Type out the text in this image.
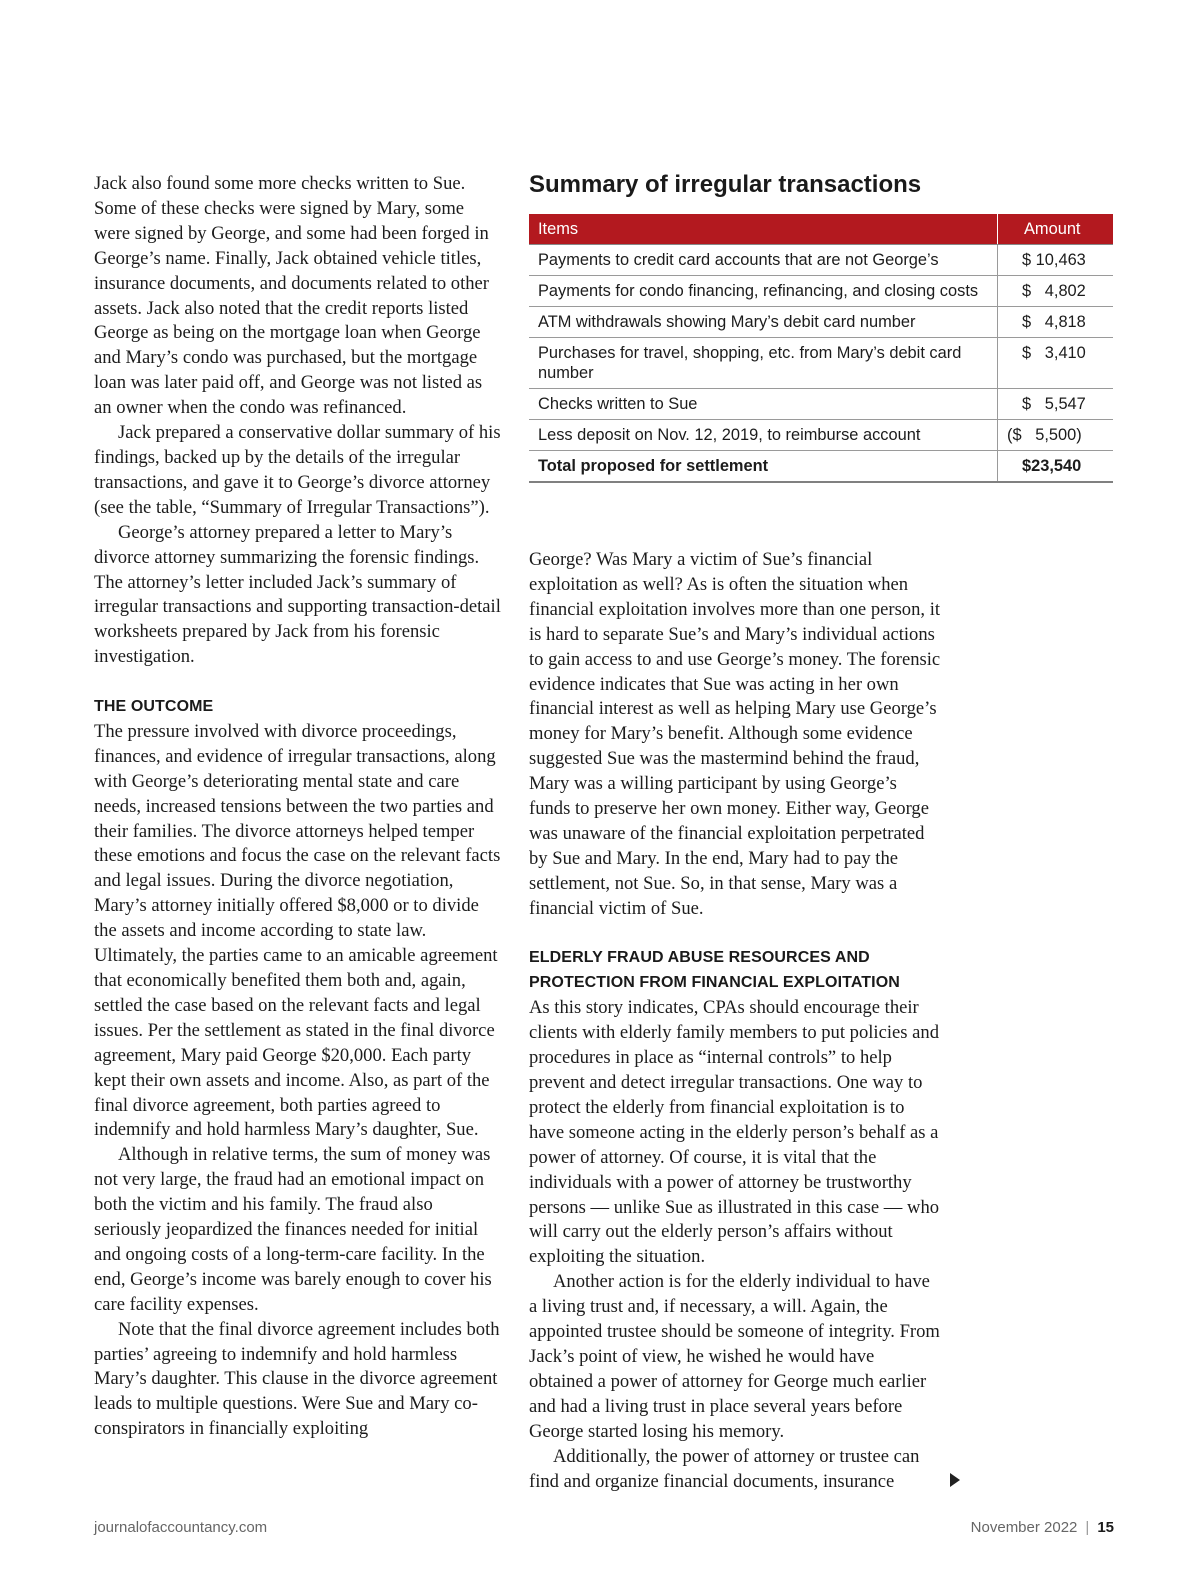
Jack also found some more checks written to Sue. Some of these checks were signed by Mary, some were signed by George, and some had been forged in George’s name. Finally, Jack obtained vehicle titles, insurance documents, and documents related to other assets. Jack also noted that the credit reports listed George as being on the mortgage loan when George and Mary’s condo was purchased, but the mortgage loan was later paid off, and George was not listed as an owner when the condo was refinanced.

Jack prepared a conservative dollar summary of his findings, backed up by the details of the irregular transactions, and gave it to George’s divorce attorney (see the table, “Summary of Irregular Transactions”).

George’s attorney prepared a letter to Mary’s divorce attorney summarizing the forensic findings. The attorney’s letter included Jack’s summary of irregular transactions and supporting transaction-detail worksheets prepared by Jack from his forensic investigation.

THE OUTCOME

The pressure involved with divorce proceedings, finances, and evidence of irregular transactions, along with George’s deteriorating mental state and care needs, increased tensions between the two parties and their families. The divorce attorneys helped temper these emotions and focus the case on the relevant facts and legal issues. During the divorce negotiation, Mary’s attorney initially offered $8,000 or to divide the assets and income according to state law. Ultimately, the parties came to an amicable agreement that economically benefited them both and, again, settled the case based on the relevant facts and legal issues. Per the settlement as stated in the final divorce agreement, Mary paid George $20,000. Each party kept their own assets and income. Also, as part of the final divorce agreement, both parties agreed to indemnify and hold harmless Mary’s daughter, Sue.

Although in relative terms, the sum of money was not very large, the fraud had an emotional impact on both the victim and his family. The fraud also seriously jeopardized the finances needed for initial and ongoing costs of a long-term-care facility. In the end, George’s income was barely enough to cover his care facility expenses.

Note that the final divorce agreement includes both parties’ agreeing to indemnify and hold harmless Mary’s daughter. This clause in the divorce agreement leads to multiple questions. Were Sue and Mary co-conspirators in financially exploiting

Summary of irregular transactions
Items	Amount
Payments to credit card accounts that are not George’s	$ 10,463
Payments for condo financing, refinancing, and closing costs	$   4,802
ATM withdrawals showing Mary’s debit card number	$   4,818
Purchases for travel, shopping, etc. from Mary’s debit card number	$   3,410
Checks written to Sue	$   5,547
Less deposit on Nov. 12, 2019, to reimburse account	($   5,500)
Total proposed for settlement	$23,540

George? Was Mary a victim of Sue’s financial exploitation as well? As is often the situation when financial exploitation involves more than one person, it is hard to separate Sue’s and Mary’s individual actions to gain access to and use George’s money. The forensic evidence indicates that Sue was acting in her own financial interest as well as helping Mary use George’s money for Mary’s benefit. Although some evidence suggested Sue was the mastermind behind the fraud, Mary was a willing participant by using George’s funds to preserve her own money. Either way, George was unaware of the financial exploitation perpetrated by Sue and Mary. In the end, Mary had to pay the settlement, not Sue. So, in that sense, Mary was a financial victim of Sue.

ELDERLY FRAUD ABUSE RESOURCES AND PROTECTION FROM FINANCIAL EXPLOITATION

As this story indicates, CPAs should encourage their clients with elderly family members to put policies and procedures in place as “internal controls” to help prevent and detect irregular transactions. One way to protect the elderly from financial exploitation is to have someone acting in the elderly person’s behalf as a power of attorney. Of course, it is vital that the individuals with a power of attorney be trustworthy persons — unlike Sue as illustrated in this case — who will carry out the elderly person’s affairs without exploiting the situation.

Another action is for the elderly individual to have a living trust and, if necessary, a will. Again, the appointed trustee should be someone of integrity. From Jack’s point of view, he wished he would have obtained a power of attorney for George much earlier and had a living trust in place several years before George started losing his memory.

Additionally, the power of attorney or trustee can find and organize financial documents, insurance

journalofaccountancy.com	November 2022 | 15
